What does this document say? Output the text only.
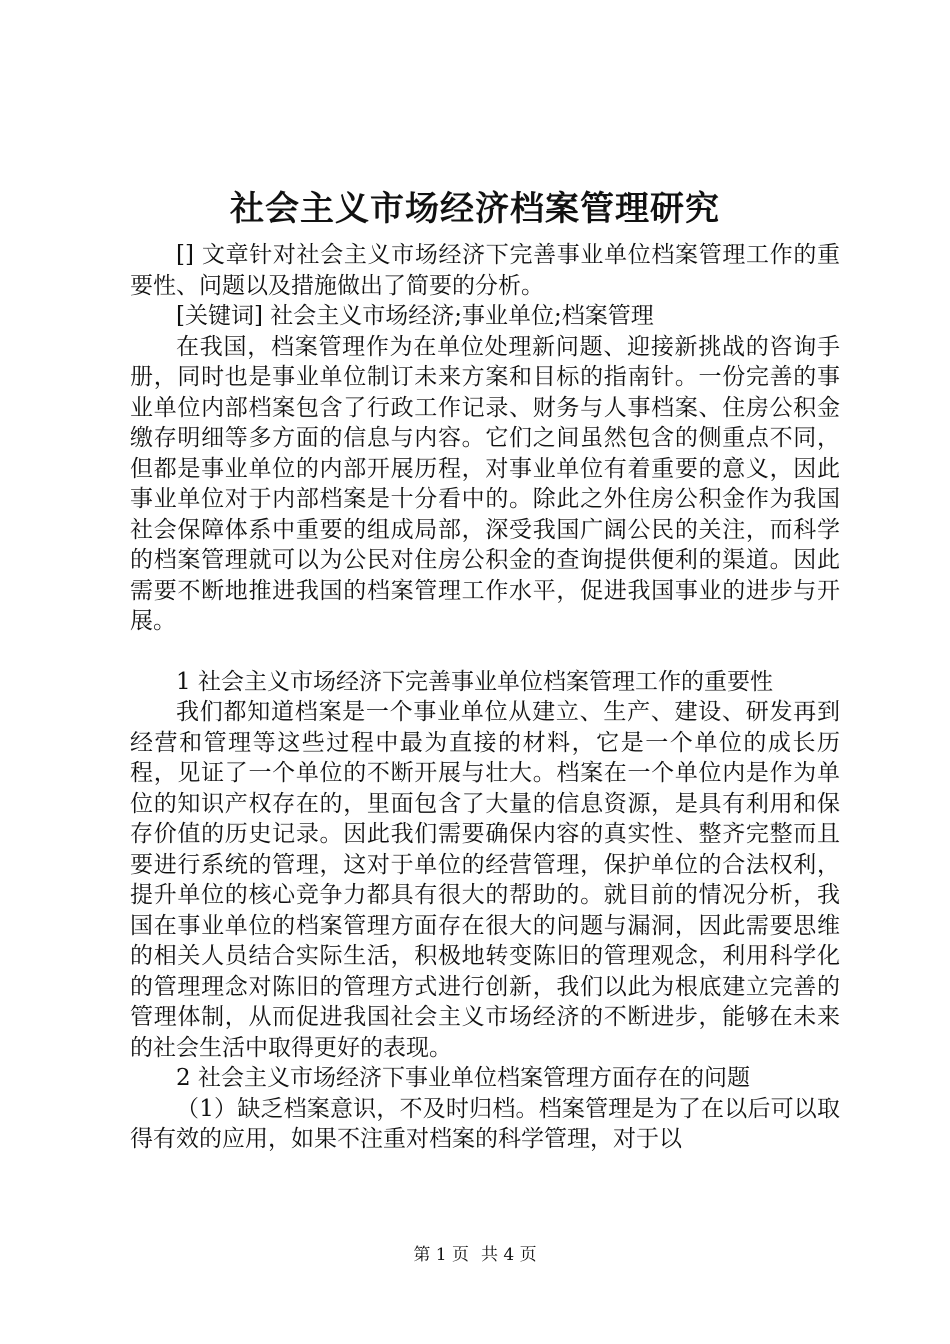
社会主义市场经济档案管理研究

[] 文章针对社会主义市场经济下完善事业单位档案管理工作的重要性、问题以及措施做出了简要的分析。

[关键词] 社会主义市场经济;事业单位;档案管理

在我国，档案管理作为在单位处理新问题、迎接新挑战的咨询手册，同时也是事业单位制订未来方案和目标的指南针。一份完善的事业单位内部档案包含了行政工作记录、财务与人事档案、住房公积金缴存明细等多方面的信息与内容。它们之间虽然包含的侧重点不同，但都是事业单位的内部开展历程，对事业单位有着重要的意义，因此事业单位对于内部档案是十分看中的。除此之外住房公积金作为我国社会保障体系中重要的组成局部，深受我国广阔公民的关注，而科学的档案管理就可以为公民对住房公积金的查询提供便利的渠道。因此需要不断地推进我国的档案管理工作水平，促进我国事业的进步与开展。

1 社会主义市场经济下完善事业单位档案管理工作的重要性

我们都知道档案是一个事业单位从建立、生产、建设、研发再到经营和管理等这些过程中最为直接的材料，它是一个单位的成长历程，见证了一个单位的不断开展与壮大。档案在一个单位内是作为单位的知识产权存在的，里面包含了大量的信息资源，是具有利用和保存价值的历史记录。因此我们需要确保内容的真实性、整齐完整而且要进行系统的管理，这对于单位的经营管理，保护单位的合法权利，提升单位的核心竞争力都具有很大的帮助的。就目前的情况分析，我国在事业单位的档案管理方面存在很大的问题与漏洞，因此需要思维的相关人员结合实际生活，积极地转变陈旧的管理观念，利用科学化的管理理念对陈旧的管理方式进行创新，我们以此为根底建立完善的管理体制，从而促进我国社会主义市场经济的不断进步，能够在未来的社会生活中取得更好的表现。

2 社会主义市场经济下事业单位档案管理方面存在的问题

（1）缺乏档案意识，不及时归档。档案管理是为了在以后可以取得有效的应用，如果不注重对档案的科学管理，对于以

第 1 页 共 4 页
